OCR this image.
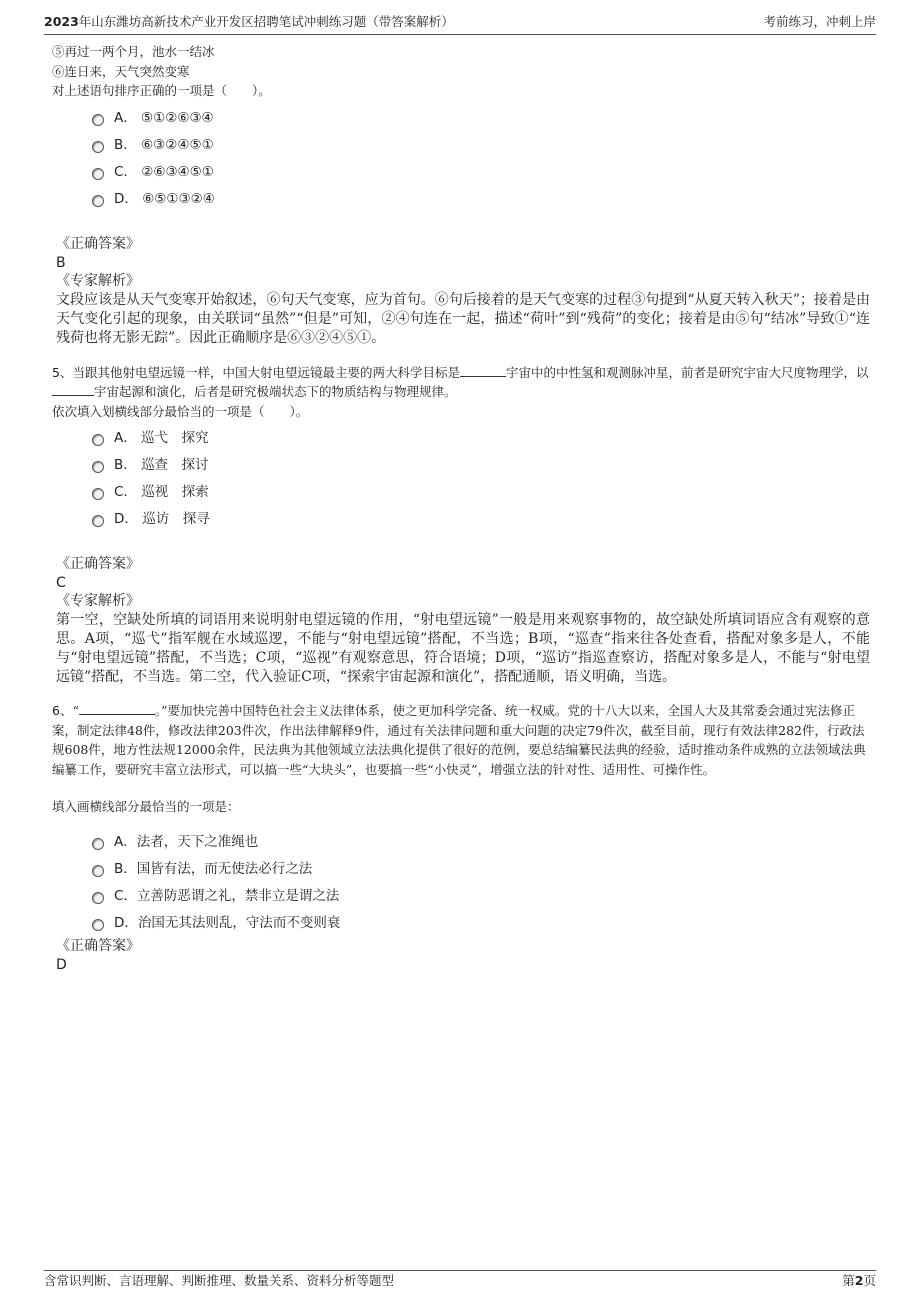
2023年山东潍坊高新技术产业开发区招聘笔试冲刺练习题（带答案解析）	考前练习，冲刺上岸
⑤再过一两个月，池水一结冰
⑥连日来，天气突然变寒
对上述语句排序正确的一项是（　　）。
A． ⑤①②⑥③④
B． ⑥③②④⑤①
C． ②⑥③④⑤①
D． ⑥⑤①③②④
《正确答案》
B
《专家解析》
文段应该是从天气变寒开始叙述，⑥句天气变寒，应为首句。⑥句后接着的是天气变寒的过程③句提到“从夏天转入秋天”；接着是由天气变化引起的现象，由关联词“虽然”“但是”可知，②④句连在一起，描述“荷叶”到“残荷”的变化；接着是由⑤句“结冰”导致①“连残荷也将无影无踪”。因此正确顺序是⑥③②④⑤①。
5、当跟其他射电望远镜一样，中国大射电望远镜最主要的两大科学目标是	宇宙中的中性氢和观测脉冲星，前者是研究宇宙大尺度物理学，以宇宙起源和演化，后者是研究极端状态下的物质结构与物理规律。
依次填入划横线部分最恰当的一项是（　　）。
A． 巡弋　探究
B． 巡查　探讨
C． 巡视　探索
D． 巡访　探寻
《正确答案》
C
《专家解析》
第一空，空缺处所填的词语用来说明射电望远镜的作用，“射电望远镜”一般是用来观察事物的，故空缺处所填词语应含有观察的意思。A项，“巡弋”指军舰在水域巡逻，不能与“射电望远镜”搭配，不当选；B项，“巡查”指来往各处查看，搭配对象多是人，不能与“射电望远镜”搭配，不当选；C项，“巡视”有观察意思，符合语境；D项，“巡访”指巡查察访，搭配对象多是人，不能与“射电望远镜”搭配，不当选。第二空，代入验证C项，“探索宇宙起源和演化”，搭配通顺，语义明确，当选。
6、“	。”要加快完善中国特色社会主义法律体系，使之更加科学完备、统一权威。党的十八大以来，全国人大及其常委会通过宪法修正案，制定法律48件，修改法律203件次，作出法律解释9件，通过有关法律问题和重大问题的决定79件次，截至目前，现行有效法律282件，行政法规608件，地方性法规12000余件，民法典为其他领域立法法典化提供了很好的范例，要总结编纂民法典的经验，适时推动条件成熟的立法领域法典编纂工作，要研究丰富立法形式，可以搞一些“大块头”，也要搞一些“小快灵”，增强立法的针对性、适用性、可操作性。
填入画横线部分最恰当的一项是：
A．法者，天下之准绳也
B．国皆有法，而无使法必行之法
C．立善防恶谓之礼，禁非立是谓之法
D．治国无其法则乱，守法而不变则衰
《正确答案》
D
含常识判断、言语理解、判断推理、数量关系、资料分析等题型	第2页
